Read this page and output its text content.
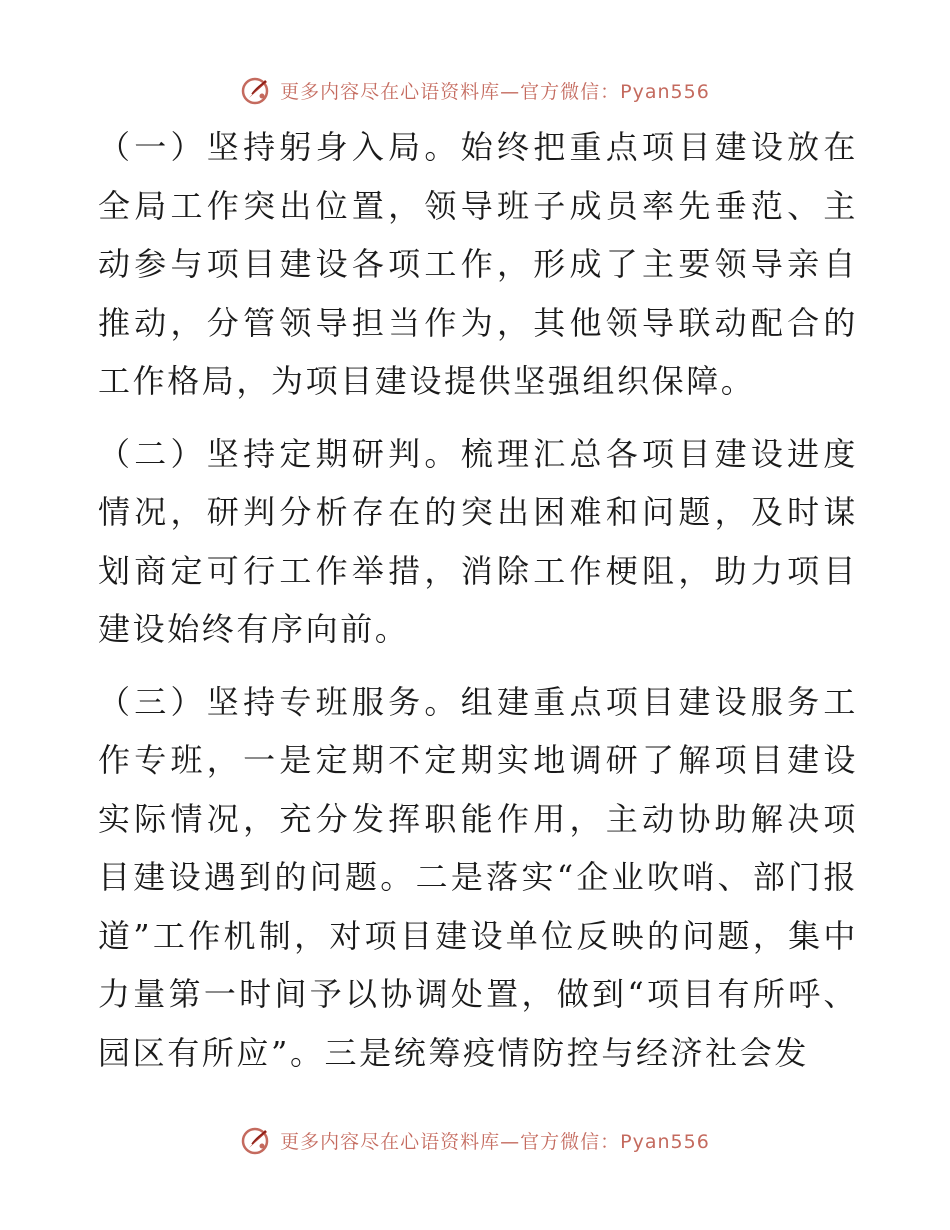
更多内容尽在心语资料库—官方微信：Pyan556

（一）坚持躬身入局。始终把重点项目建设放在全局工作突出位置，领导班子成员率先垂范、主动参与项目建设各项工作，形成了主要领导亲自推动，分管领导担当作为，其他领导联动配合的工作格局，为项目建设提供坚强组织保障。

（二）坚持定期研判。梳理汇总各项目建设进度情况，研判分析存在的突出困难和问题，及时谋划商定可行工作举措，消除工作梗阻，助力项目建设始终有序向前。

（三）坚持专班服务。组建重点项目建设服务工作专班，一是定期不定期实地调研了解项目建设实际情况，充分发挥职能作用，主动协助解决项目建设遇到的问题。二是落实“企业吹哨、部门报道”工作机制，对项目建设单位反映的问题，集中力量第一时间予以协调处置，做到“项目有所呼、园区有所应”。三是统筹疫情防控与经济社会发

更多内容尽在心语资料库—官方微信：Pyan556
